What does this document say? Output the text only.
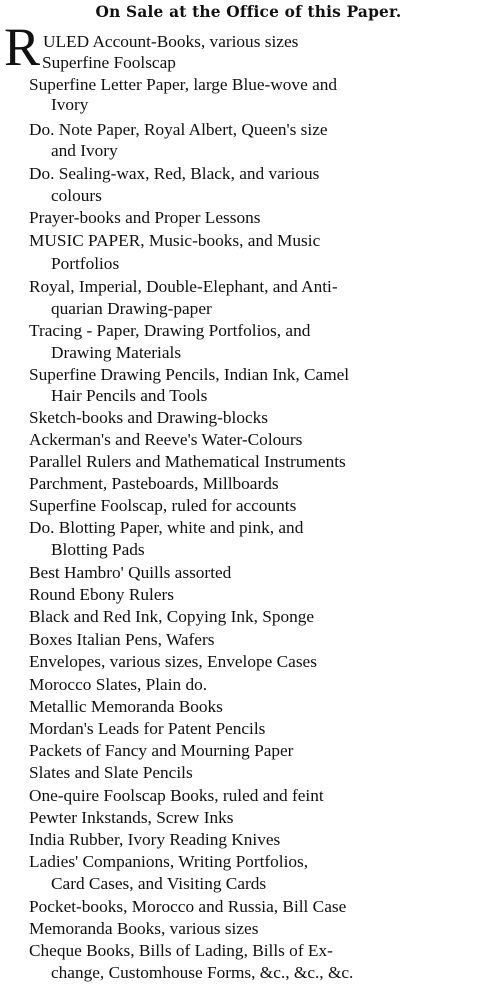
On Sale at the Office of this Paper.
R ULED Account-Books, various sizes
Superfine Foolscap
Superfine Letter Paper, large Blue-wove and
Ivory
Do. Note Paper, Royal Albert, Queen's size
and Ivory
Do. Sealing-wax, Red, Black, and various
colours
Prayer-books and Proper Lessons
MUSIC PAPER, Music-books, and Music
Portfolios
Royal, Imperial, Double-Elephant, and Anti-
quarian Drawing-paper
Tracing - Paper, Drawing Portfolios, and
Drawing Materials
Superfine Drawing Pencils, Indian Ink, Camel
Hair Pencils and Tools
Sketch-books and Drawing-blocks
Ackerman's and Reeve's Water-Colours
Parallel Rulers and Mathematical Instruments
Parchment, Pasteboards, Millboards
Superfine Foolscap, ruled for accounts
Do. Blotting Paper, white and pink, and
Blotting Pads
Best Hambro' Quills assorted
Round Ebony Rulers
Black and Red Ink, Copying Ink, Sponge
Boxes Italian Pens, Wafers
Envelopes, various sizes, Envelope Cases
Morocco Slates, Plain do.
Metallic Memoranda Books
Mordan's Leads for Patent Pencils
Packets of Fancy and Mourning Paper
Slates and Slate Pencils
One-quire Foolscap Books, ruled and feint
Pewter Inkstands, Screw Inks
India Rubber, Ivory Reading Knives
Ladies' Companions, Writing Portfolios,
Card Cases, and Visiting Cards
Pocket-books, Morocco and Russia, Bill Case
Memoranda Books, various sizes
Cheque Books, Bills of Lading, Bills of Ex-
change, Customhouse Forms, &c., &c., &c.
